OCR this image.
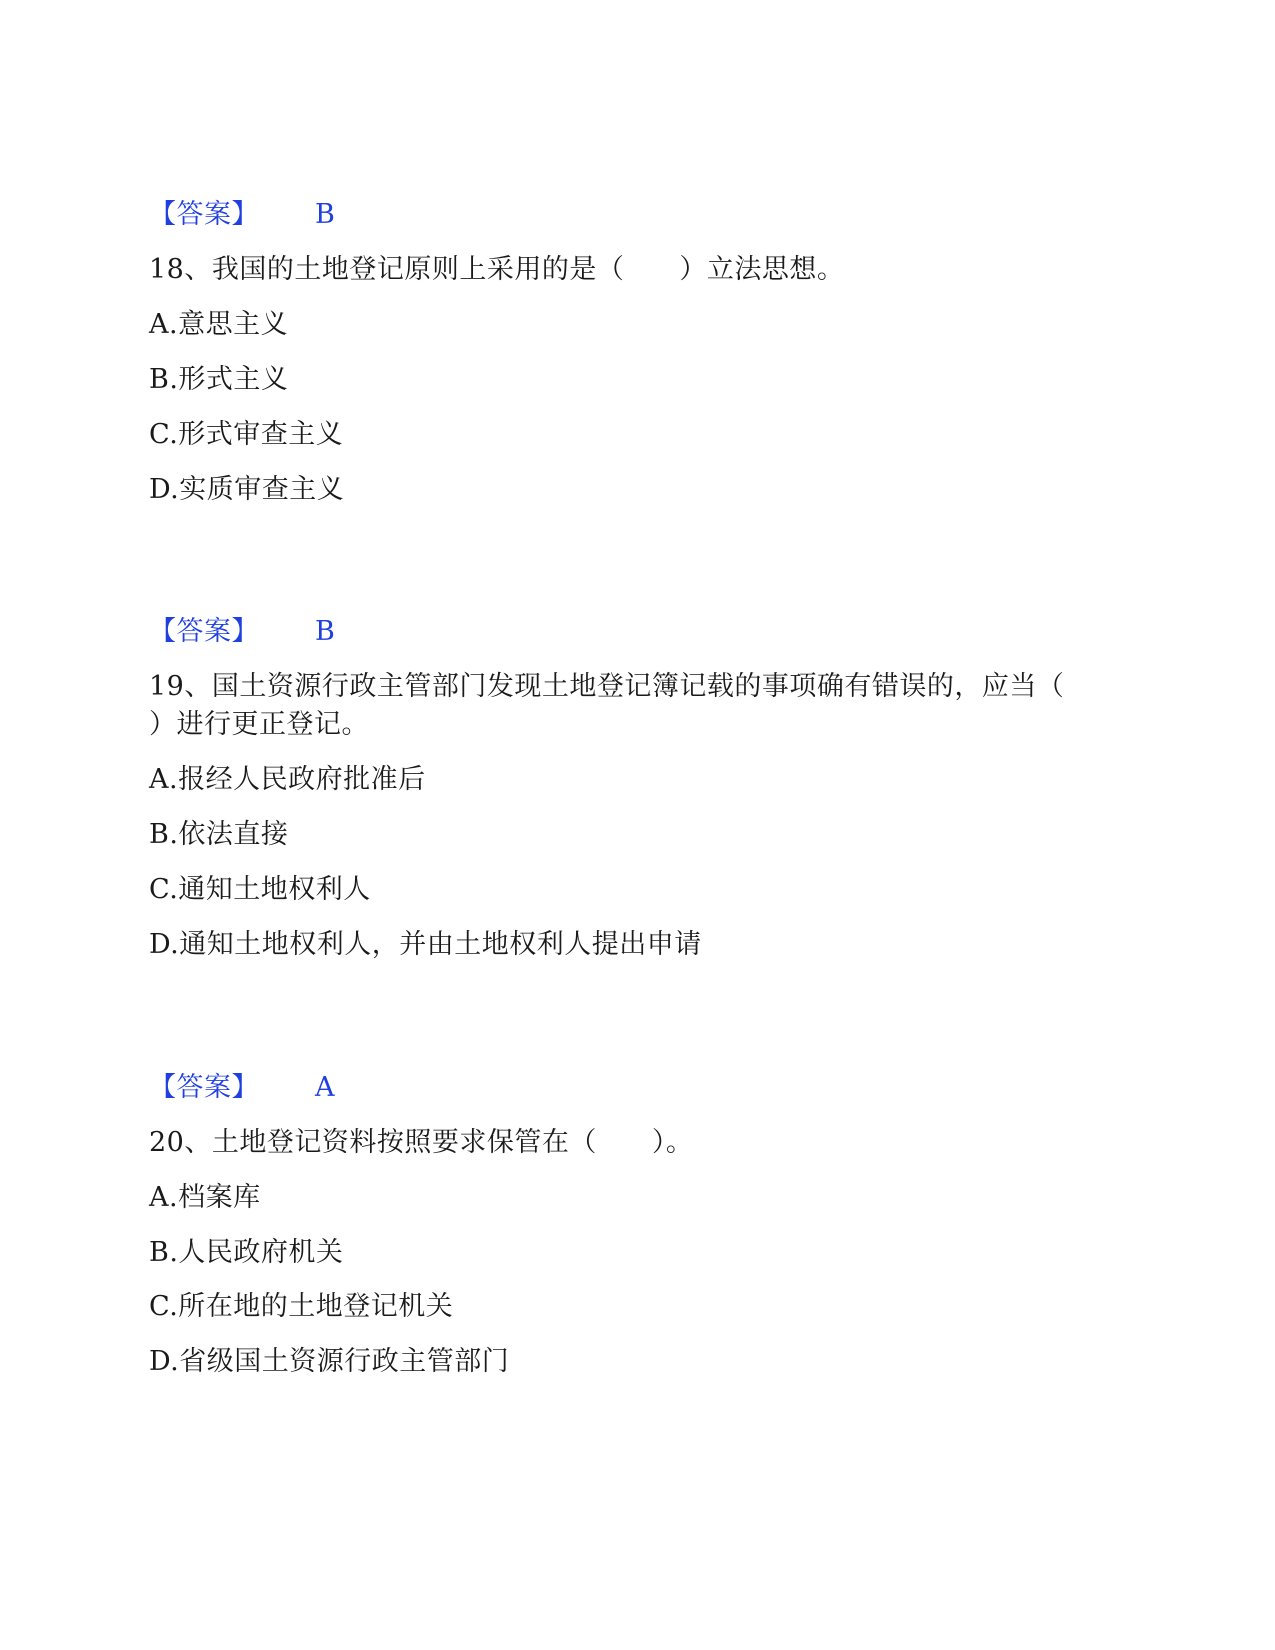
【答案】 B
18、我国的土地登记原则上采用的是（　　）立法思想。
A.意思主义
B.形式主义
C.形式审查主义
D.实质审查主义
【答案】 B
19、国土资源行政主管部门发现土地登记簿记载的事项确有错误的，应当（
）进行更正登记。
A.报经人民政府批准后
B.依法直接
C.通知土地权利人
D.通知土地权利人，并由土地权利人提出申请
【答案】 A
20、土地登记资料按照要求保管在（　　）。
A.档案库
B.人民政府机关
C.所在地的土地登记机关
D.省级国土资源行政主管部门
